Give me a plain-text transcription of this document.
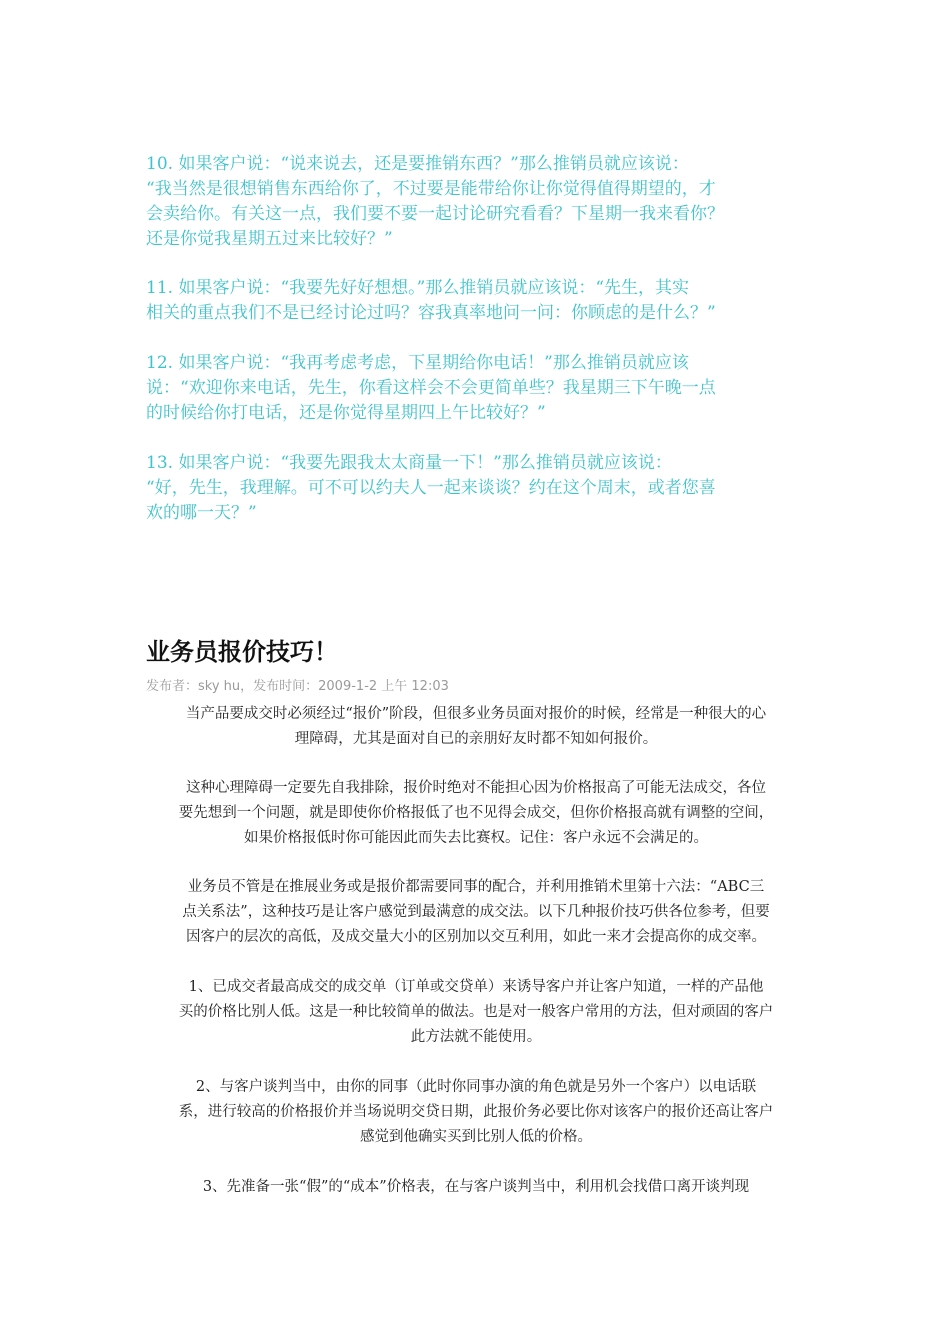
10. 如果客户说：“说来说去，还是要推销东西？”那么推销员就应该说：
“我当然是很想销售东西给你了，不过要是能带给你让你觉得值得期望的，才
会卖给你。有关这一点，我们要不要一起讨论研究看看？下星期一我来看你？
还是你觉我星期五过来比较好？”

11. 如果客户说：“我要先好好想想。”那么推销员就应该说：“先生，其实
相关的重点我们不是已经讨论过吗？容我真率地问一问：你顾虑的是什么？”

12. 如果客户说：“我再考虑考虑，下星期给你电话！”那么推销员就应该
说：“欢迎你来电话，先生，你看这样会不会更简单些？我星期三下午晚一点
的时候给你打电话，还是你觉得星期四上午比较好？”

13. 如果客户说：“我要先跟我太太商量一下！”那么推销员就应该说：
“好，先生，我理解。可不可以约夫人一起来谈谈？约在这个周末，或者您喜
欢的哪一天？”

业务员报价技巧！

发布者：sky hu，发布时间：2009-1-2 上午 12:03

当产品要成交时必须经过“报价”阶段，但很多业务员面对报价的时候，经常是一种很大的心
理障碍，尤其是面对自已的亲朋好友时都不知如何报价。

这种心理障碍一定要先自我排除，报价时绝对不能担心因为价格报高了可能无法成交，各位
要先想到一个问题，就是即使你价格报低了也不见得会成交，但你价格报高就有调整的空间，
如果价格报低时你可能因此而失去比赛权。记住：客户永远不会满足的。

业务员不管是在推展业务或是报价都需要同事的配合，并利用推销术里第十六法：“ABC三
点关系法”，这种技巧是让客户感觉到最满意的成交法。以下几种报价技巧供各位参考，但要
因客户的层次的高低，及成交量大小的区别加以交互利用，如此一来才会提高你的成交率。

1、已成交者最高成交的成交单（订单或交贷单）来诱导客户并让客户知道，一样的产品他
买的价格比别人低。这是一种比较简单的做法。也是对一般客户常用的方法，但对顽固的客户
此方法就不能使用。

2、与客户谈判当中，由你的同事（此时你同事办演的角色就是另外一个客户）以电话联
系，进行较高的价格报价并当场说明交贷日期，此报价务必要比你对该客户的报价还高让客户
感觉到他确实买到比别人低的价格。

3、先准备一张“假”的“成本”价格表，在与客户谈判当中，利用机会找借口离开谈判现
